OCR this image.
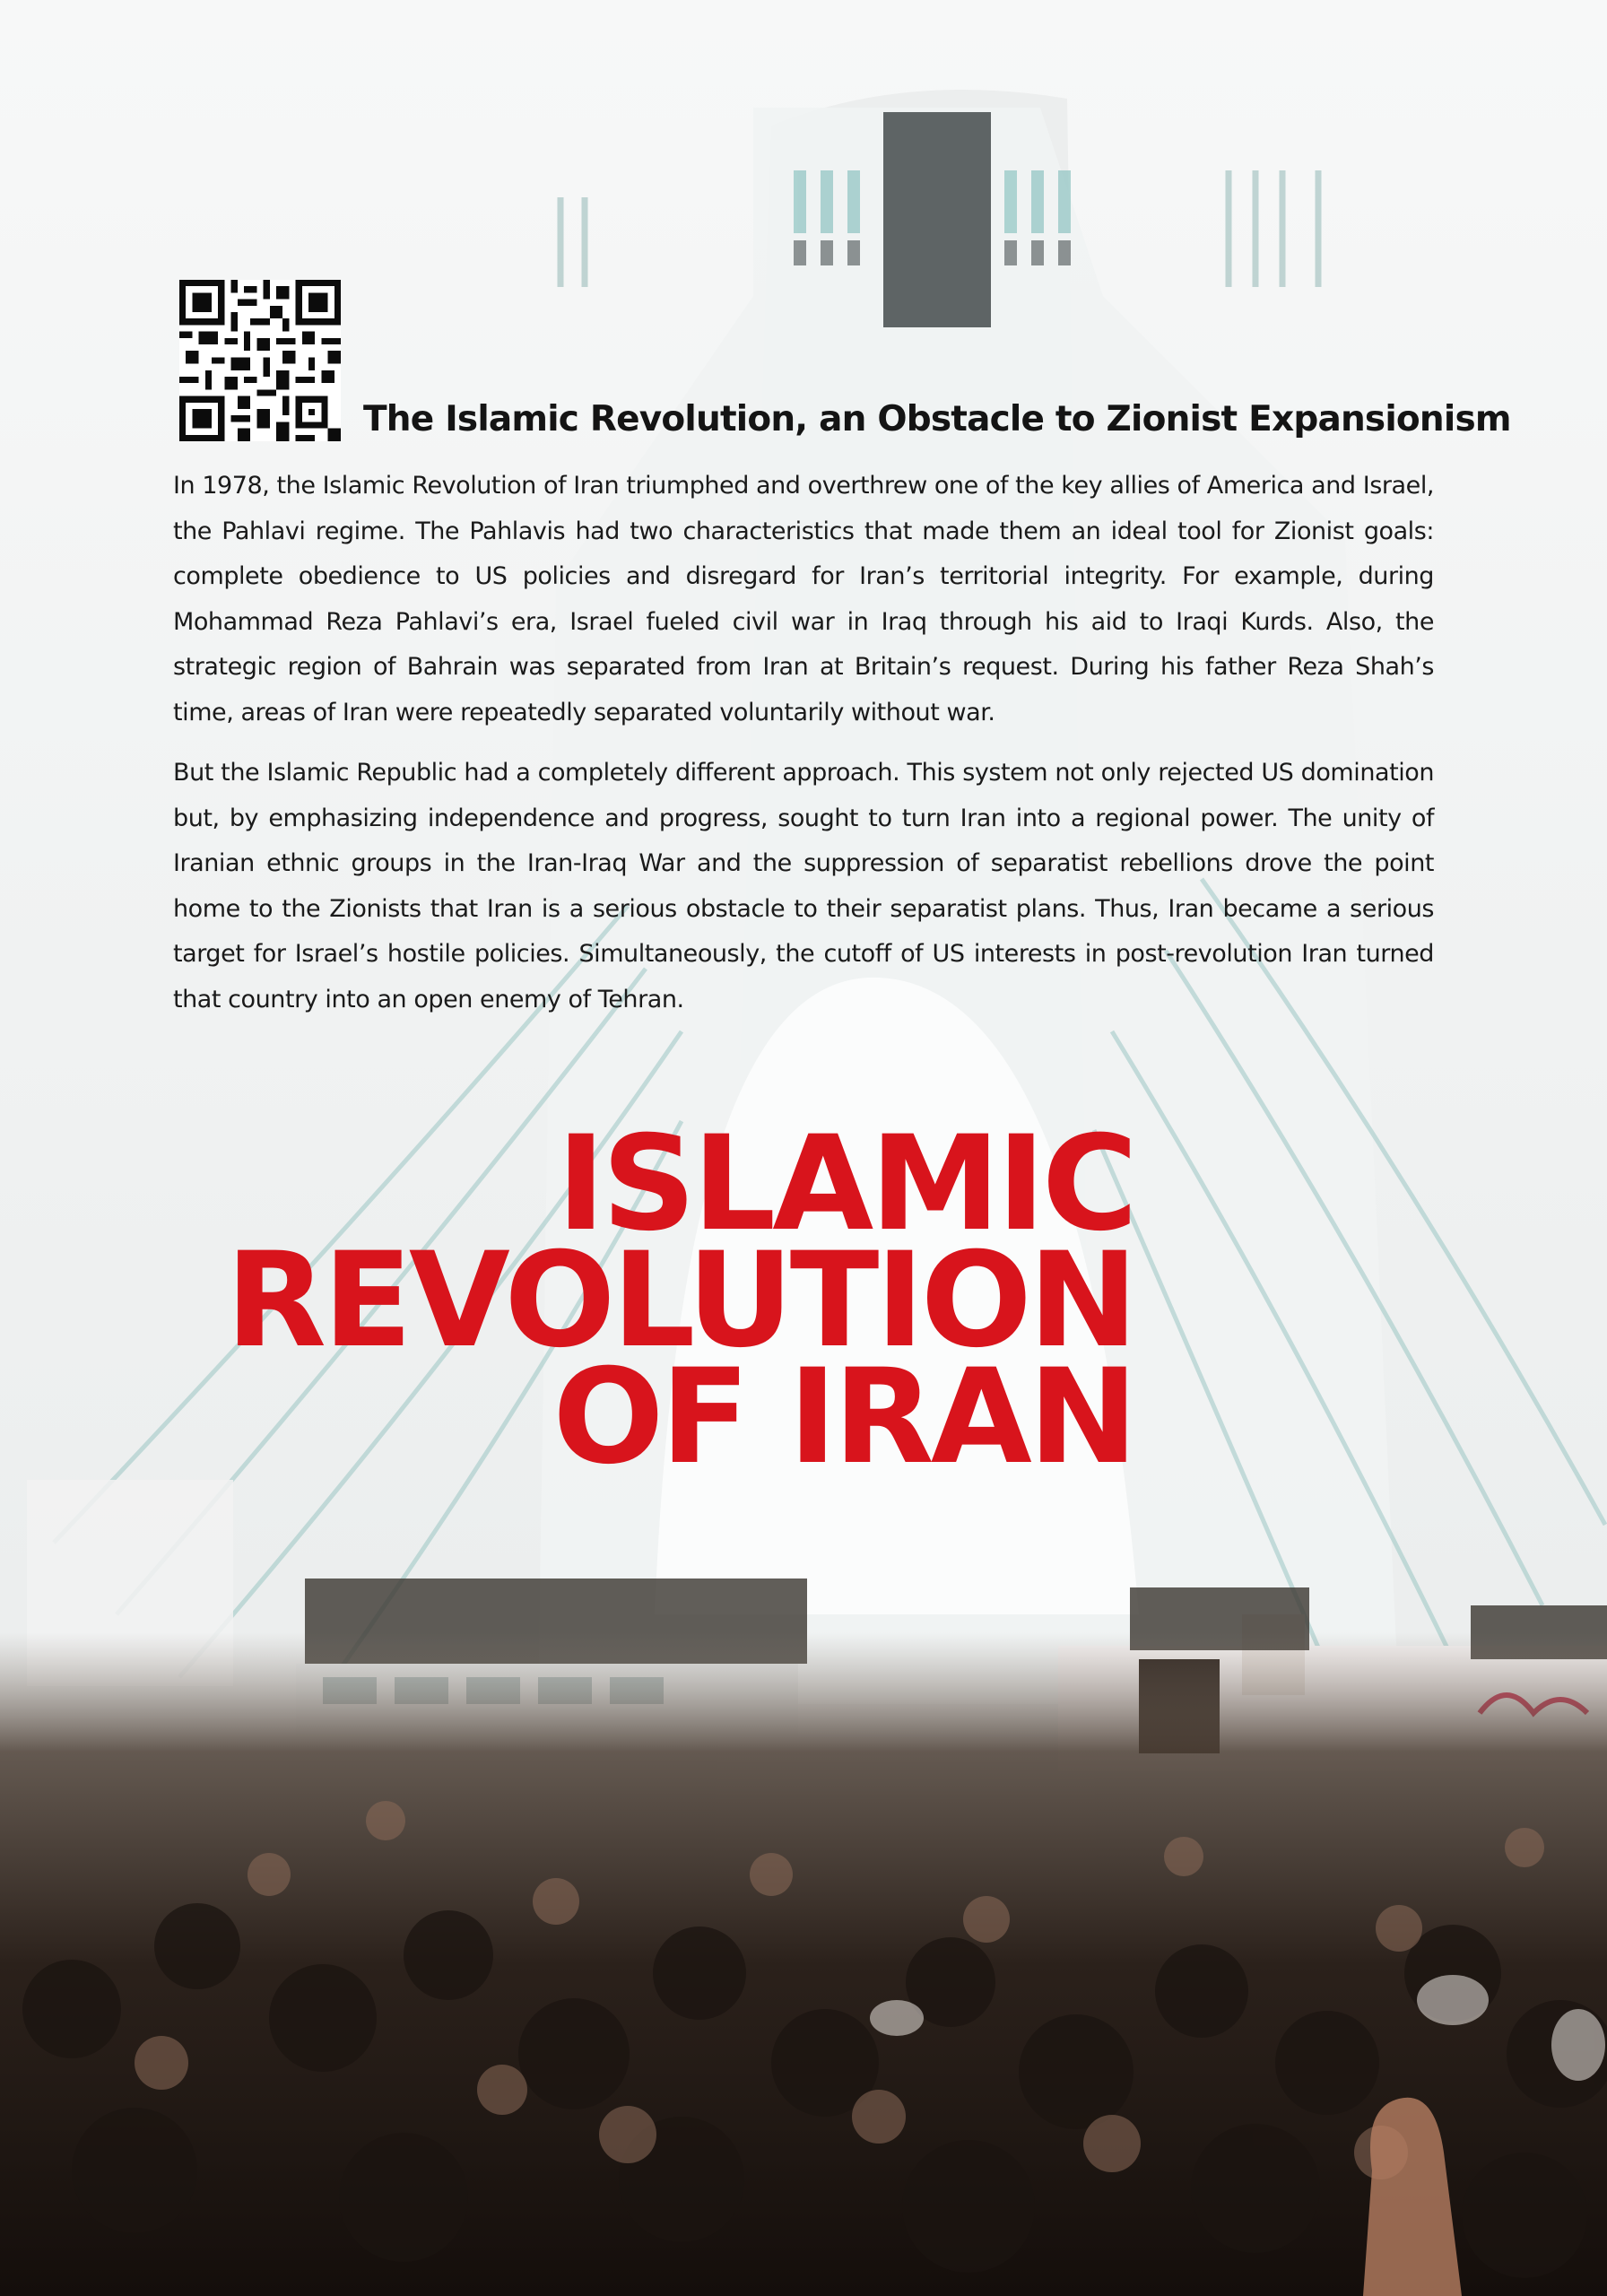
The Islamic Revolution, an Obstacle to Zionist Expansionism

In 1978, the Islamic Revolution of Iran triumphed and overthrew one of the key allies of America and Israel, the Pahlavi regime. The Pahlavis had two characteristics that made them an ideal tool for Zionist goals: complete obedience to US policies and disregard for Iran’s territorial integrity. For example, during Mohammad Reza Pahlavi’s era, Israel fueled civil war in Iraq through his aid to Iraqi Kurds. Also, the strategic region of Bahrain was separated from Iran at Britain’s request. During his father Reza Shah’s time, areas of Iran were repeatedly separated voluntarily without war.

But the Islamic Republic had a completely different approach. This system not only rejected US domination but, by emphasizing independence and progress, sought to turn Iran into a regional power. The unity of Iranian ethnic groups in the Iran-Iraq War and the suppression of separatist rebellions drove the point home to the Zionists that Iran is a serious obstacle to their separatist plans. Thus, Iran became a serious target for Israel’s hostile policies. Simultaneously, the cutoff of US interests in post-revolution Iran turned that country into an open enemy of Tehran.

ISLAMIC
REVOLUTION
OF IRAN
